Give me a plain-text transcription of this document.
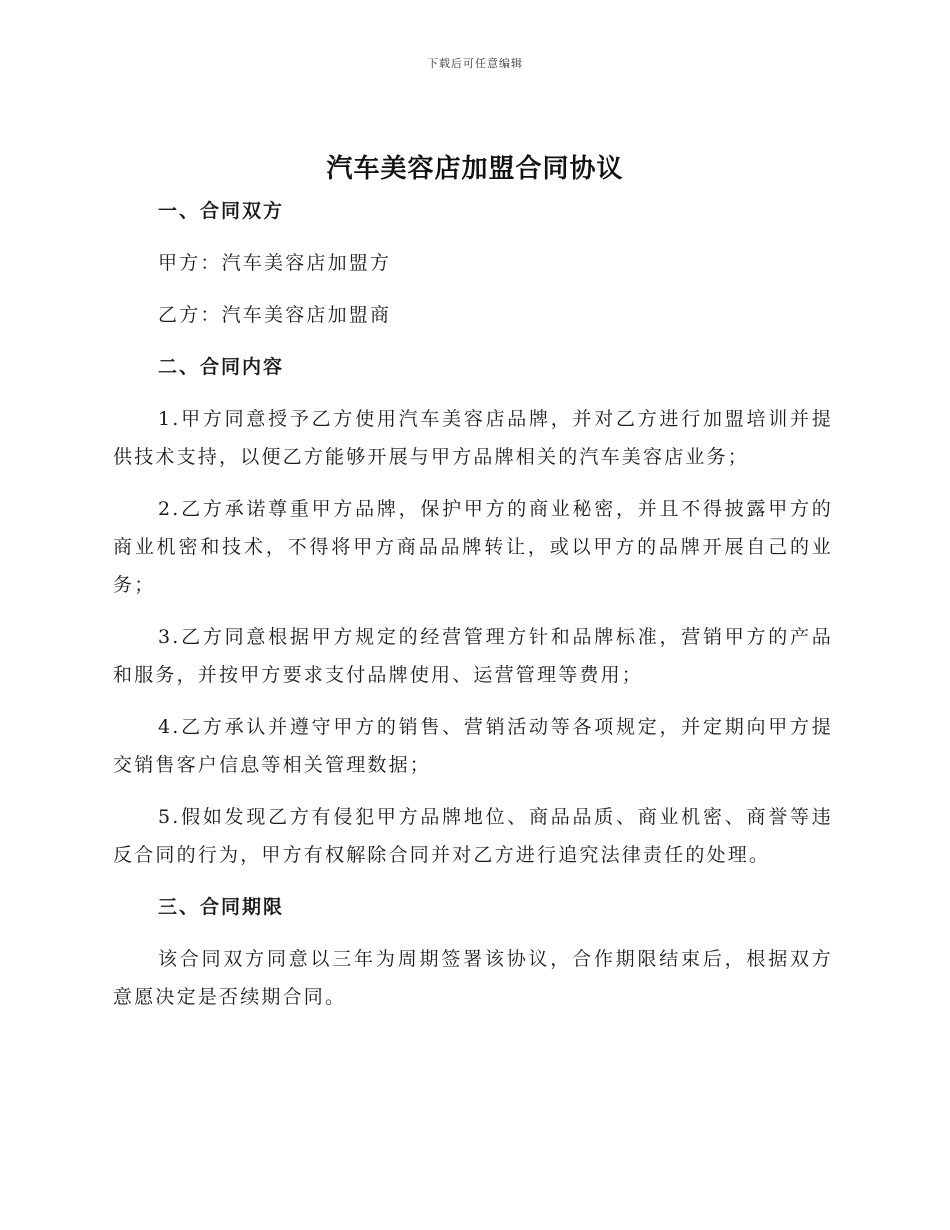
下载后可任意编辑
汽车美容店加盟合同协议
一、合同双方
甲方：汽车美容店加盟方
乙方：汽车美容店加盟商
二、合同内容
1.甲方同意授予乙方使用汽车美容店品牌，并对乙方进行加盟培训并提供技术支持，以便乙方能够开展与甲方品牌相关的汽车美容店业务；
2.乙方承诺尊重甲方品牌，保护甲方的商业秘密，并且不得披露甲方的商业机密和技术，不得将甲方商品品牌转让，或以甲方的品牌开展自己的业务；
3.乙方同意根据甲方规定的经营管理方针和品牌标准，营销甲方的产品和服务，并按甲方要求支付品牌使用、运营管理等费用；
4.乙方承认并遵守甲方的销售、营销活动等各项规定，并定期向甲方提交销售客户信息等相关管理数据；
5.假如发现乙方有侵犯甲方品牌地位、商品品质、商业机密、商誉等违反合同的行为，甲方有权解除合同并对乙方进行追究法律责任的处理。
三、合同期限
该合同双方同意以三年为周期签署该协议，合作期限结束后，根据双方意愿决定是否续期合同。
